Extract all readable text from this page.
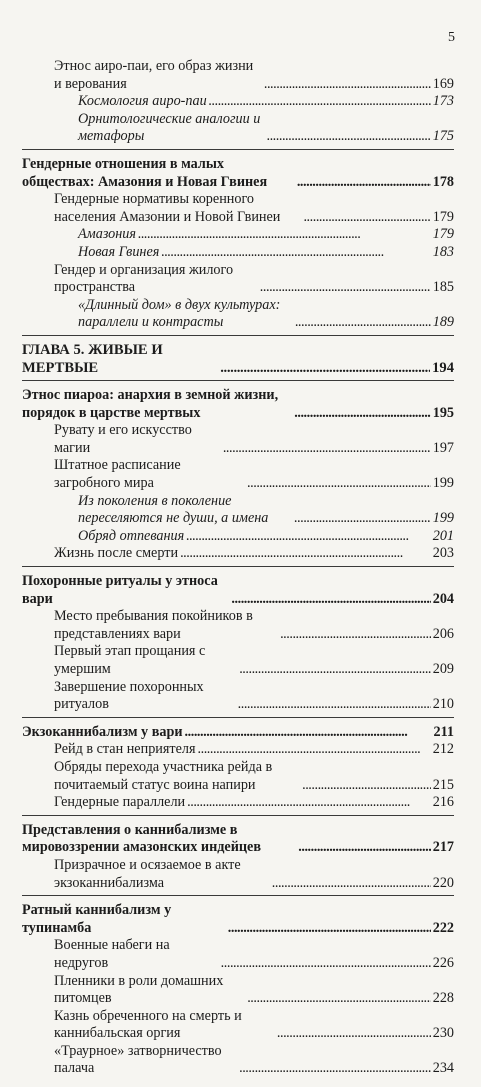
5
Этнос аиро-паи, его образ жизни и верования . . .	169
Космология аиро-паи . . .	173
Орнитологические аналогии и метафоры . . .	175
Гендерные отношения в малых обществах: Амазония и Новая Гвинея . . .	178
Гендерные нормативы коренного населения Амазонии и Новой Гвинеи . . .	179
Амазония . . .	179
Новая Гвинея . . .	183
Гендер и организация жилого пространства . . .	185
«Длинный дом» в двух культурах: параллели и контрасты . . .	189
ГЛАВА 5. ЖИВЫЕ И МЕРТВЫЕ . . .	194
Этнос пиароа: анархия в земной жизни, порядок в царстве мертвых . . .	195
Рувату и его искусство магии . . .	197
Штатное расписание загробного мира . . .	199
Из поколения в поколение переселяются не души, а имена . . .	199
Обряд отпевания . . .	201
Жизнь после смерти . . .	203
Похоронные ритуалы у этноса вари . . .	204
Место пребывания покойников в представлениях вари . . .	206
Первый этап прощания с умершим . . .	209
Завершение похоронных ритуалов . . .	210
Экзоканнибализм у вари . . .	211
Рейд в стан неприятеля . . .	212
Обряды перехода участника рейда в почитаемый статус воина напири . . .	215
Гендерные параллели . . .	216
Представления о каннибализме в мировоззрении амазонских индейцев . . .	217
Призрачное и осязаемое в акте экзоканнибализма . . .	220
Ратный каннибализм у тупинамба . . .	222
Военные набеги на недругов . . .	226
Пленники в роли домашних питомцев . . .	228
Казнь обреченного на смерть и каннибальская оргия . . .	230
«Траурное» затворничество палача . . .	234
